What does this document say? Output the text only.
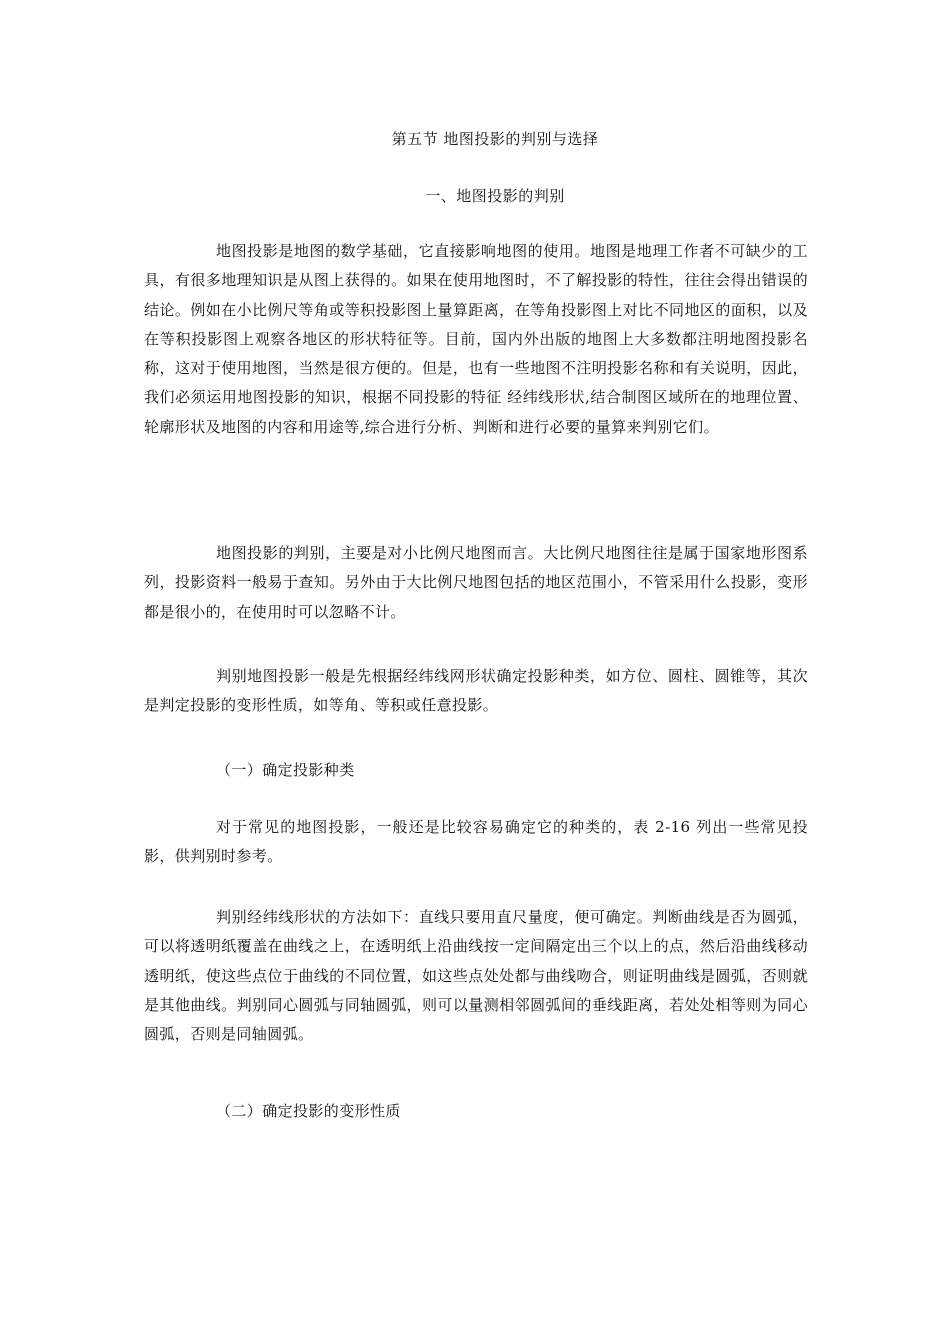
第五节 地图投影的判别与选择
一、地图投影的判别

地图投影是地图的数学基础，它直接影响地图的使用。地图是地理工作者不可缺少的工具，有很多地理知识是从图上获得的。如果在使用地图时，不了解投影的特性，往往会得出错误的结论。例如在小比例尺等角或等积投影图上量算距离，在等角投影图上对比不同地区的面积，以及在等积投影图上观察各地区的形状特征等。目前，国内外出版的地图上大多数都注明地图投影名称，这对于使用地图，当然是很方便的。但是，也有一些地图不注明投影名称和有关说明，因此，我们必须运用地图投影的知识，根据不同投影的特征 经纬线形状,结合制图区域所在的地理位置、轮廓形状及地图的内容和用途等,综合进行分析、判断和进行必要的量算来判别它们。

地图投影的判别，主要是对小比例尺地图而言。大比例尺地图往往是属于国家地形图系列，投影资料一般易于查知。另外由于大比例尺地图包括的地区范围小，不管采用什么投影，变形都是很小的，在使用时可以忽略不计。

判别地图投影一般是先根据经纬线网形状确定投影种类，如方位、圆柱、圆锥等，其次是判定投影的变形性质，如等角、等积或任意投影。

（一）确定投影种类

对于常见的地图投影，一般还是比较容易确定它的种类的，表 2-16 列出一些常见投影，供判别时参考。

判别经纬线形状的方法如下：直线只要用直尺量度，便可确定。判断曲线是否为圆弧，可以将透明纸覆盖在曲线之上，在透明纸上沿曲线按一定间隔定出三个以上的点，然后沿曲线移动透明纸，使这些点位于曲线的不同位置，如这些点处处都与曲线吻合，则证明曲线是圆弧，否则就是其他曲线。判别同心圆弧与同轴圆弧，则可以量测相邻圆弧间的垂线距离，若处处相等则为同心圆弧，否则是同轴圆弧。

（二）确定投影的变形性质
